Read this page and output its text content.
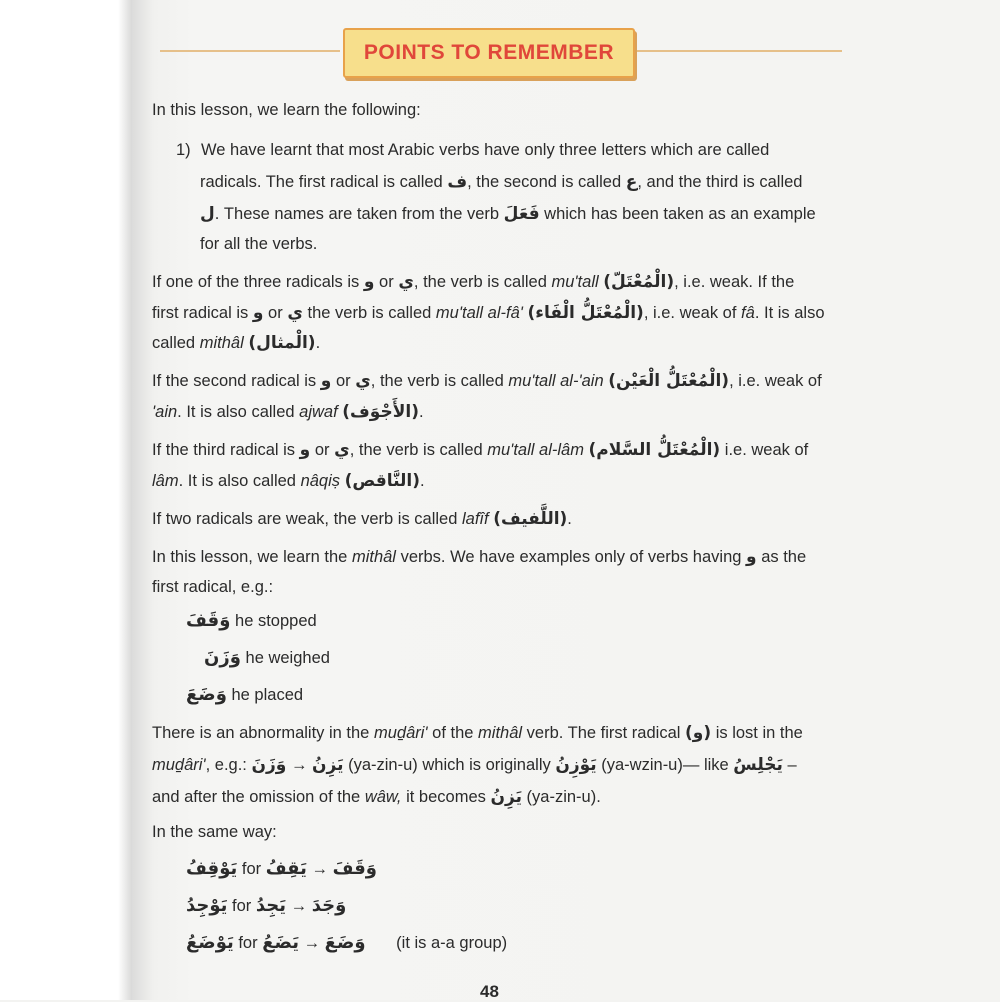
POINTS TO REMEMBER
In this lesson, we learn the following:
1) We have learnt that most Arabic verbs have only three letters which are called
radicals. The first radical is called ف, the second is called ع, and the third is called
ل. These names are taken from the verb فَعَلَ which has been taken as an example
for all the verbs.
If one of the three radicals is و or ي, the verb is called mu'tall (الْمُعْتَلّ), i.e. weak. If the
first radical is و or ي the verb is called mu'tall al-fâ' (الْمُعْتَلُّ الْفَاء), i.e. weak of fâ. It is also
called mithâl (الْمثال).
If the second radical is و or ي, the verb is called mu'tall al-'ain (الْمُعْتَلُّ الْعَيْن), i.e. weak of
'ain. It is also called ajwaf (الأَجْوَف).
If the third radical is و or ي, the verb is called mu'tall al-lâm (الْمُعْتَلُّ السَّلام) i.e. weak of
lâm. It is also called nâqiṣ (النَّاقص).
If two radicals are weak, the verb is called lafîf (اللَّفيف).
In this lesson, we learn the mithâl verbs. We have examples only of verbs having و as the
first radical, e.g.:
وَقَفَ he stopped
وَزَنَ he weighed
وَضَعَ he placed
There is an abnormality in the muḏâri' of the mithâl verb. The first radical (و) is lost in the
muḏâri', e.g.: وَزَنَ → يَزِنُ (ya-zin-u) which is originally يَوْزِنُ (ya-wzin-u)— like يَجْلِسُ –
and after the omission of the wâw, it becomes يَزِنُ (ya-zin-u).
In the same way:
يَوْقِفُ for يَقِفُ → وَقَفَ
يَوْجِدُ for يَجِدُ → وَجَدَ
يَوْضَعُ for يَضَعُ → وَضَعَ (it is a-a group)
48
